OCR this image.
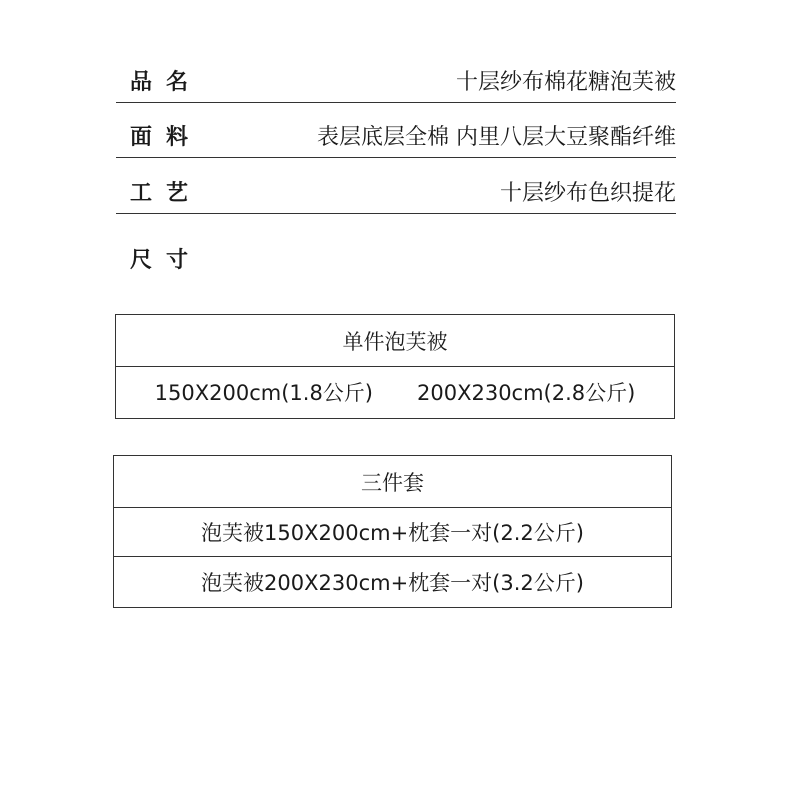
品名	十层纱布棉花糖泡芙被
面料	表层底层全棉 内里八层大豆聚酯纤维
工艺	十层纱布色织提花
尺寸
单件泡芙被
150X200cm(1.8公斤) 200X230cm(2.8公斤)
三件套
泡芙被150X200cm+枕套一对(2.2公斤)
泡芙被200X230cm+枕套一对(3.2公斤)
